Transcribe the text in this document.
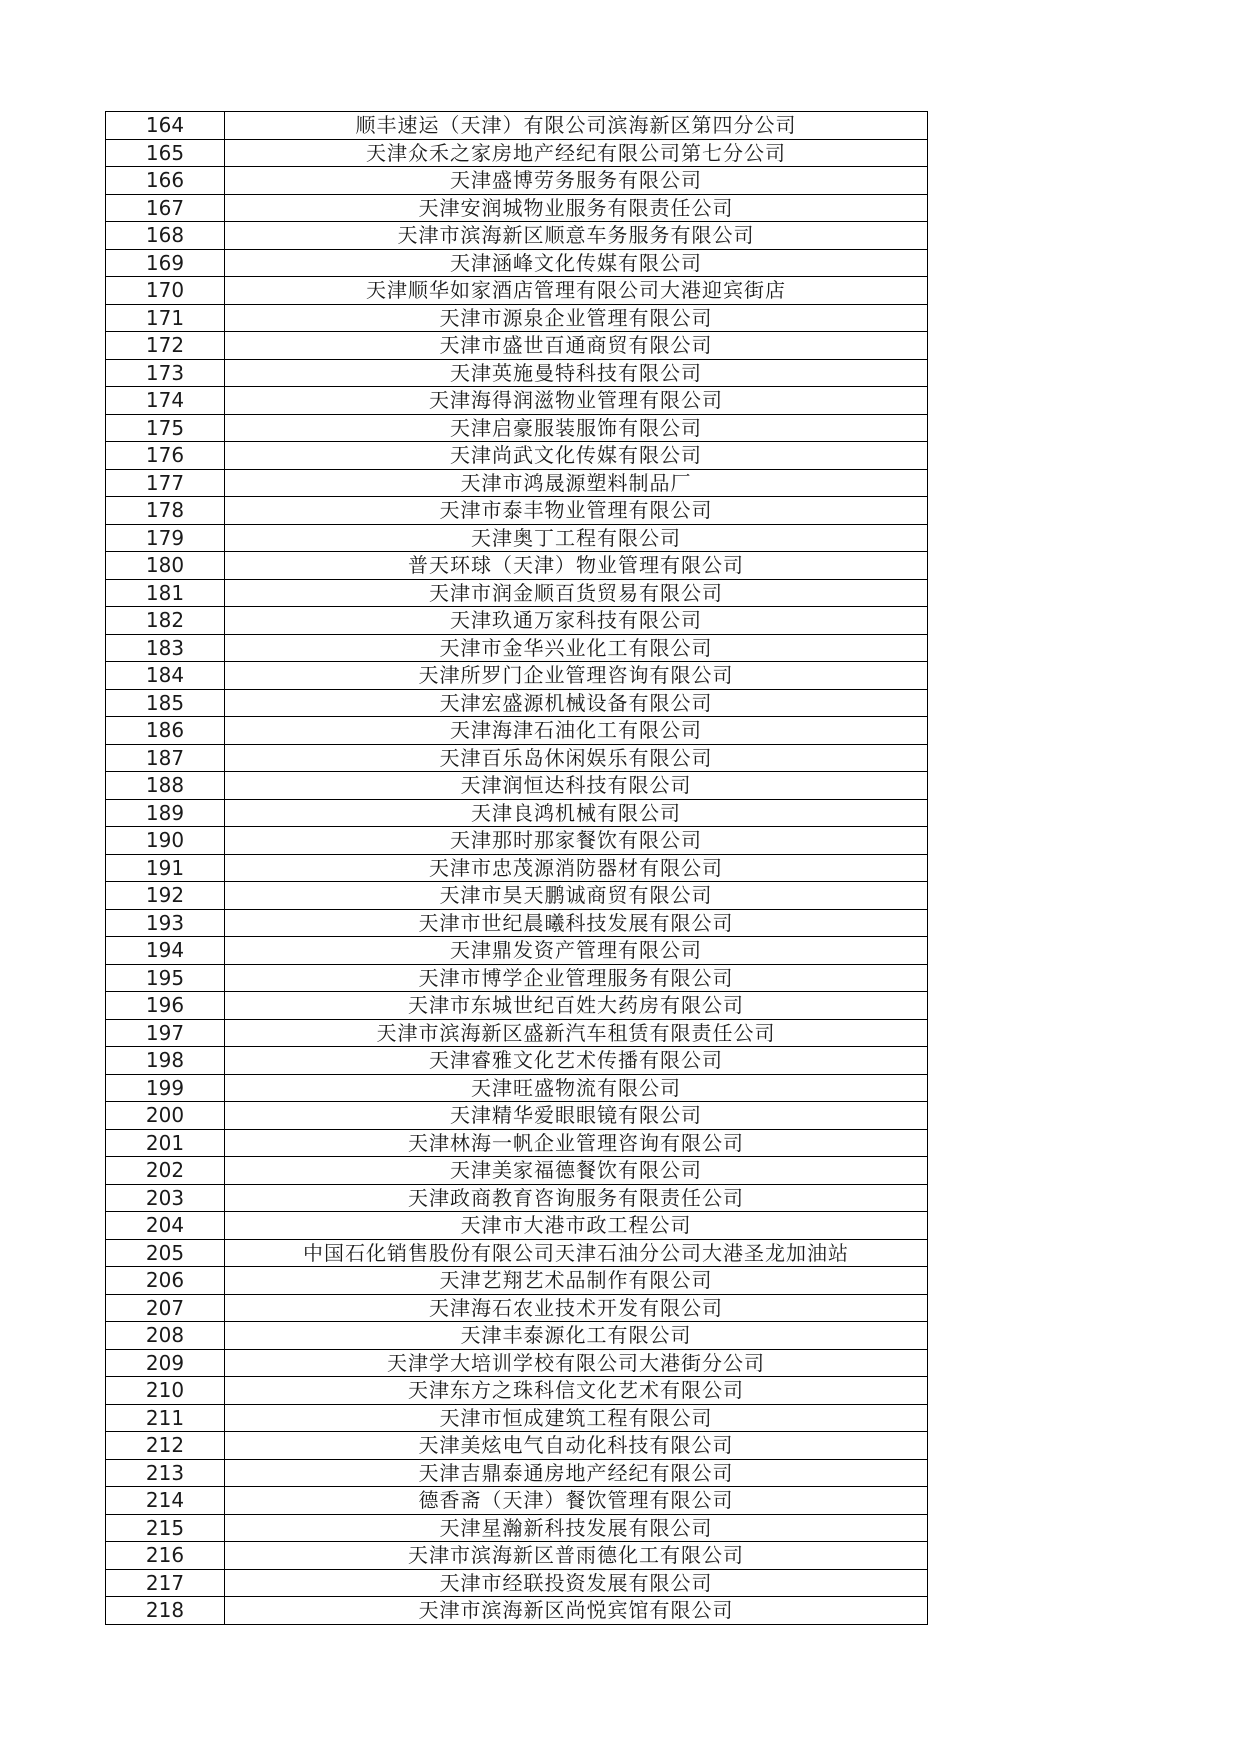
164	顺丰速运（天津）有限公司滨海新区第四分公司
165	天津众禾之家房地产经纪有限公司第七分公司
166	天津盛博劳务服务有限公司
167	天津安润城物业服务有限责任公司
168	天津市滨海新区顺意车务服务有限公司
169	天津涵峰文化传媒有限公司
170	天津顺华如家酒店管理有限公司大港迎宾街店
171	天津市源泉企业管理有限公司
172	天津市盛世百通商贸有限公司
173	天津英施曼特科技有限公司
174	天津海得润滋物业管理有限公司
175	天津启豪服装服饰有限公司
176	天津尚武文化传媒有限公司
177	天津市鸿晟源塑料制品厂
178	天津市泰丰物业管理有限公司
179	天津奥丁工程有限公司
180	普天环球（天津）物业管理有限公司
181	天津市润金顺百货贸易有限公司
182	天津玖通万家科技有限公司
183	天津市金华兴业化工有限公司
184	天津所罗门企业管理咨询有限公司
185	天津宏盛源机械设备有限公司
186	天津海津石油化工有限公司
187	天津百乐岛休闲娱乐有限公司
188	天津润恒达科技有限公司
189	天津良鸿机械有限公司
190	天津那时那家餐饮有限公司
191	天津市忠茂源消防器材有限公司
192	天津市昊天鹏诚商贸有限公司
193	天津市世纪晨曦科技发展有限公司
194	天津鼎发资产管理有限公司
195	天津市博学企业管理服务有限公司
196	天津市东城世纪百姓大药房有限公司
197	天津市滨海新区盛新汽车租赁有限责任公司
198	天津睿雅文化艺术传播有限公司
199	天津旺盛物流有限公司
200	天津精华爱眼眼镜有限公司
201	天津林海一帆企业管理咨询有限公司
202	天津美家福德餐饮有限公司
203	天津政商教育咨询服务有限责任公司
204	天津市大港市政工程公司
205	中国石化销售股份有限公司天津石油分公司大港圣龙加油站
206	天津艺翔艺术品制作有限公司
207	天津海石农业技术开发有限公司
208	天津丰泰源化工有限公司
209	天津学大培训学校有限公司大港街分公司
210	天津东方之珠科信文化艺术有限公司
211	天津市恒成建筑工程有限公司
212	天津美炫电气自动化科技有限公司
213	天津吉鼎泰通房地产经纪有限公司
214	德香斋（天津）餐饮管理有限公司
215	天津星瀚新科技发展有限公司
216	天津市滨海新区普雨德化工有限公司
217	天津市经联投资发展有限公司
218	天津市滨海新区尚悦宾馆有限公司
